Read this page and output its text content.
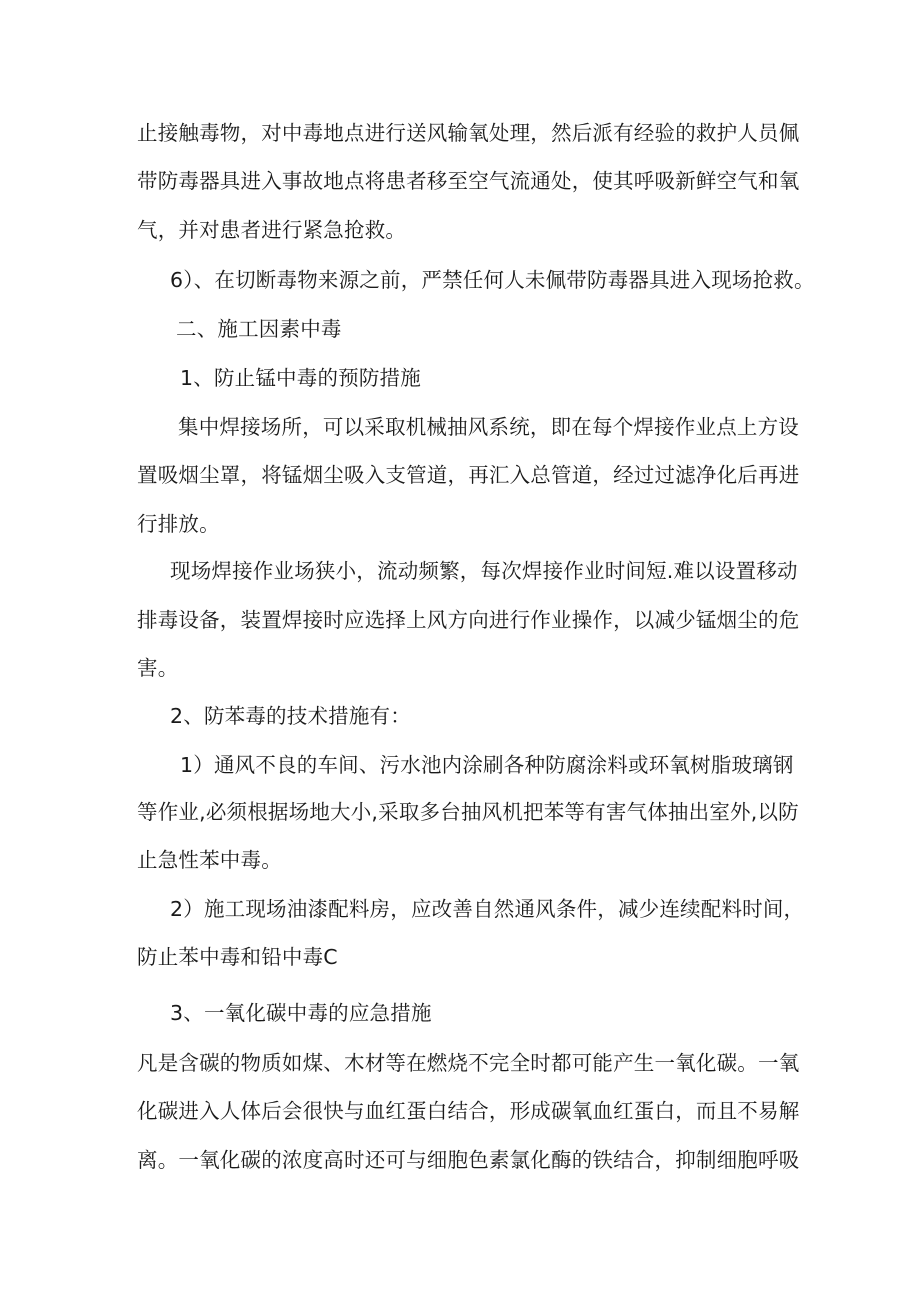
止接触毒物，对中毒地点进行送风输氧处理，然后派有经验的救护人员佩
带防毒器具进入事故地点将患者移至空气流通处，使其呼吸新鲜空气和氧
气，并对患者进行紧急抢救。
6）、在切断毒物来源之前，严禁任何人未佩带防毒器具进入现场抢救。
二、施工因素中毒
1、防止锰中毒的预防措施
集中焊接场所，可以采取机械抽风系统，即在每个焊接作业点上方设
置吸烟尘罩，将锰烟尘吸入支管道，再汇入总管道，经过过滤净化后再进
行排放。
现场焊接作业场狭小，流动频繁，每次焊接作业时间短.难以设置移动
排毒设备，装置焊接时应选择上风方向进行作业操作，以减少锰烟尘的危
害。
2、防苯毒的技术措施有：
1）通风不良的车间、污水池内涂刷各种防腐涂料或环氧树脂玻璃钢
等作业,必须根据场地大小,采取多台抽风机把苯等有害气体抽出室外,以防
止急性苯中毒。
2）施工现场油漆配料房，应改善自然通风条件，减少连续配料时间，
防止苯中毒和铅中毒C
3、一氧化碳中毒的应急措施
凡是含碳的物质如煤、木材等在燃烧不完全时都可能产生一氧化碳。一氧
化碳进入人体后会很快与血红蛋白结合，形成碳氧血红蛋白，而且不易解
离。一氧化碳的浓度高时还可与细胞色素氯化酶的铁结合，抑制细胞呼吸
